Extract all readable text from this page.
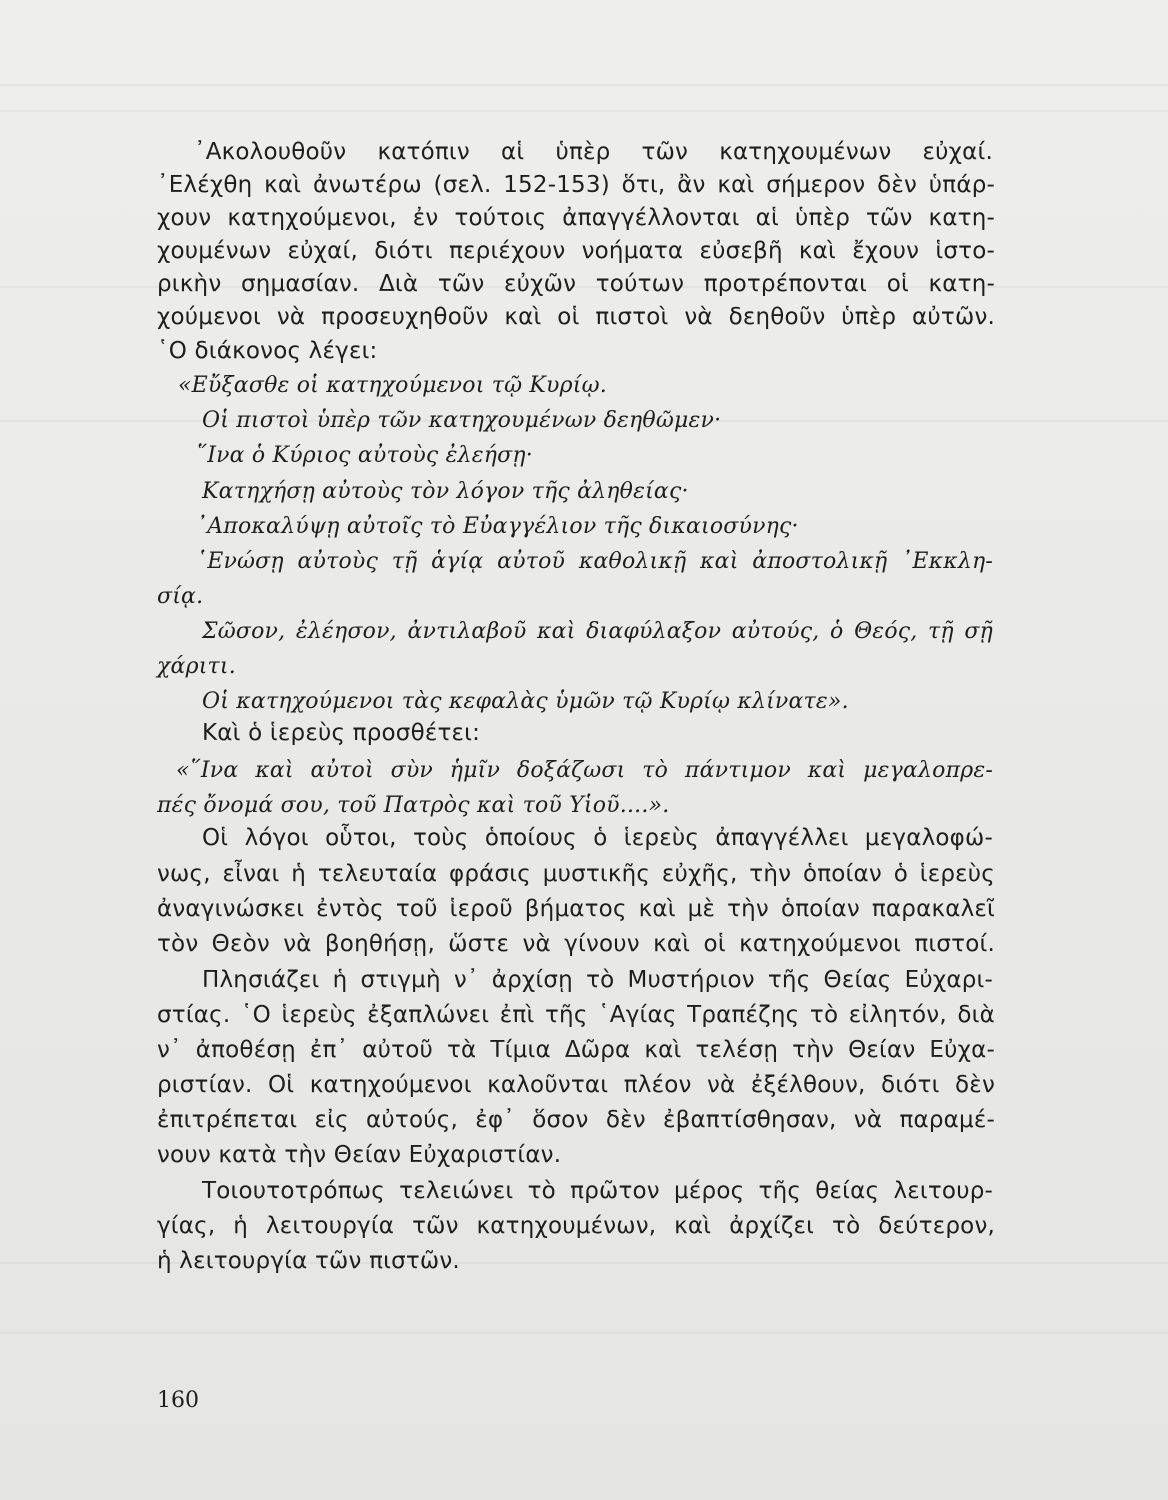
᾿Ακολουθοῦν κατόπιν αἱ ὑπὲρ τῶν κατηχουμένων εὐχαί.
᾿Ελέχθη καὶ ἀνωτέρω (σελ. 152-153) ὅτι, ἂν καὶ σήμερον δὲν ὑπάρ-
χουν κατηχούμενοι, ἐν τούτοις ἀπαγγέλλονται αἱ ὑπὲρ τῶν κατη-
χουμένων εὐχαί, διότι περιέχουν νοήματα εὐσεβῆ καὶ ἔχουν ἱστο-
ρικὴν σημασίαν. Διὰ τῶν εὐχῶν τούτων προτρέπονται οἱ κατη-
χούμενοι νὰ προσευχηθοῦν καὶ οἱ πιστοὶ νὰ δεηθοῦν ὑπὲρ αὐτῶν.
῾Ο διάκονος λέγει:
«Εὔξασθε οἱ κατηχούμενοι τῷ Κυρίῳ.
Οἱ πιστοὶ ὑπὲρ τῶν κατηχουμένων δεηθῶμεν·
῞Ινα ὁ Κύριος αὐτοὺς ἐλεήσῃ·
Κατηχήσῃ αὐτοὺς τὸν λόγον τῆς ἀληθείας·
᾿Αποκαλύψῃ αὐτοῖς τὸ Εὐαγγέλιον τῆς δικαιοσύνης·
῾Ενώσῃ αὐτοὺς τῇ ἁγίᾳ αὐτοῦ καθολικῇ καὶ ἀποστολικῇ ᾿Εκκλη-
σίᾳ.
Σῶσον, ἐλέησον, ἀντιλαβοῦ καὶ διαφύλαξον αὐτούς, ὁ Θεός, τῇ σῇ
χάριτι.
Οἱ κατηχούμενοι τὰς κεφαλὰς ὑμῶν τῷ Κυρίῳ κλίνατε».
Καὶ ὁ ἱερεὺς προσθέτει:
«῞Ινα καὶ αὐτοὶ σὺν ἡμῖν δοξάζωσι τὸ πάντιμον καὶ μεγαλοπρε-
πές ὄνομά σου, τοῦ Πατρὸς καὶ τοῦ Υἱοῦ....».
Οἱ λόγοι οὗτοι, τοὺς ὁποίους ὁ ἱερεὺς ἀπαγγέλλει μεγαλοφώ-
νως, εἶναι ἡ τελευταία φράσις μυστικῆς εὐχῆς, τὴν ὁποίαν ὁ ἱερεὺς
ἀναγινώσκει ἐντὸς τοῦ ἱεροῦ βήματος καὶ μὲ τὴν ὁποίαν παρακαλεῖ
τὸν Θεὸν νὰ βοηθήσῃ, ὥστε νὰ γίνουν καὶ οἱ κατηχούμενοι πιστοί.
Πλησιάζει ἡ στιγμὴ ν᾿ ἀρχίσῃ τὸ Μυστήριον τῆς Θείας Εὐχαρι-
στίας. ῾Ο ἱερεὺς ἐξαπλώνει ἐπὶ τῆς ῾Αγίας Τραπέζης τὸ εἰλητόν, διὰ
ν᾿ ἀποθέσῃ ἐπ᾿ αὐτοῦ τὰ Τίμια Δῶρα καὶ τελέσῃ τὴν Θείαν Εὐχα-
ριστίαν. Οἱ κατηχούμενοι καλοῦνται πλέον νὰ ἐξέλθουν, διότι δὲν
ἐπιτρέπεται εἰς αὐτούς, ἐφ᾿ ὅσον δὲν ἐβαπτίσθησαν, νὰ παραμέ-
νουν κατὰ τὴν Θείαν Εὐχαριστίαν.
Τοιουτοτρόπως τελειώνει τὸ πρῶτον μέρος τῆς θείας λειτουρ-
γίας, ἡ λειτουργία τῶν κατηχουμένων, καὶ ἀρχίζει τὸ δεύτερον,
ἡ λειτουργία τῶν πιστῶν.
160
